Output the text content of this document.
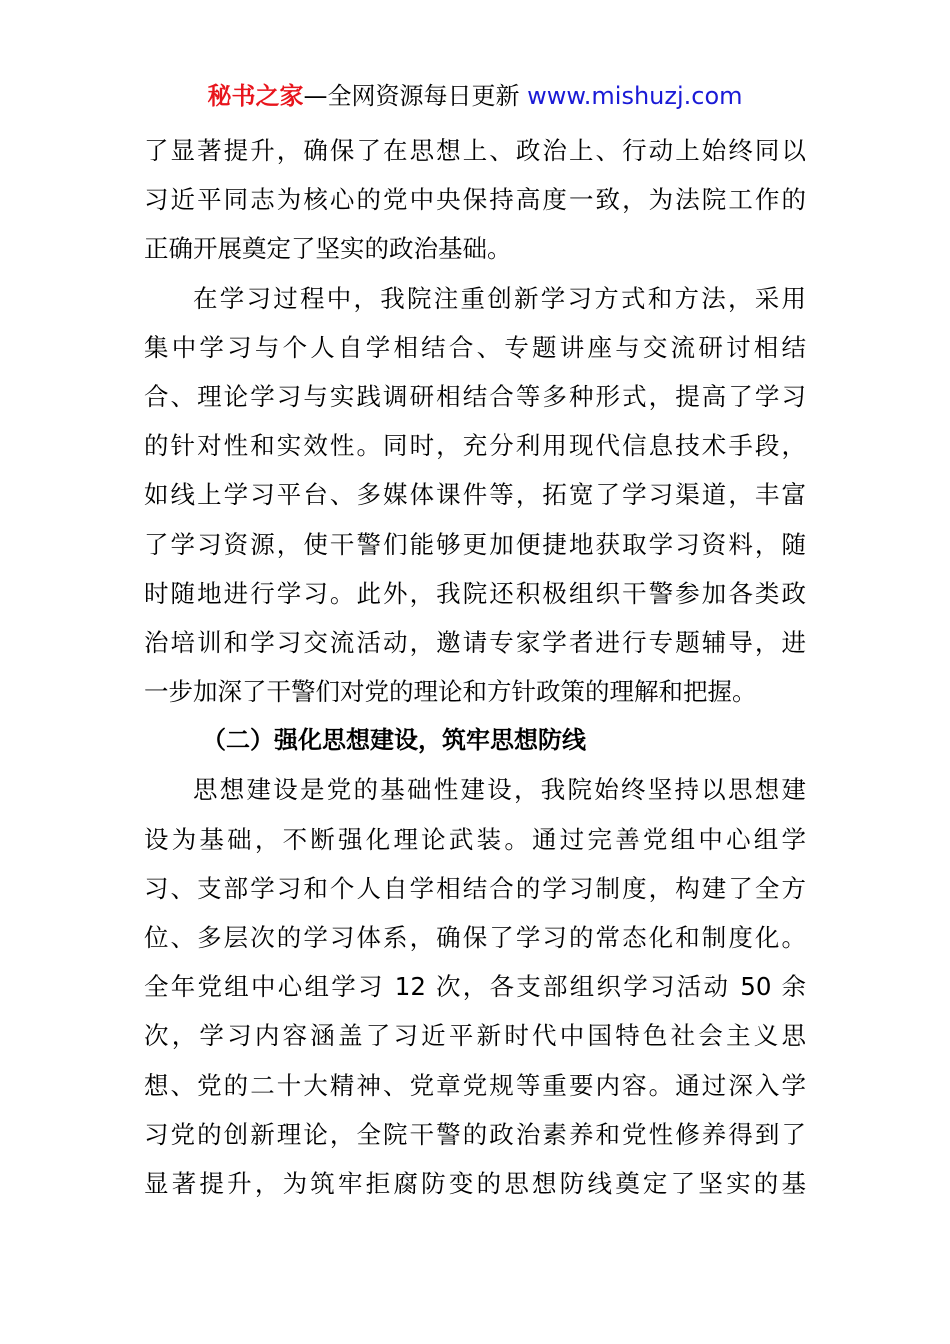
秘书之家—全网资源每日更新 www.mishuzj.com
了显著提升，确保了在思想上、政治上、行动上始终同以
习近平同志为核心的党中央保持高度一致，为法院工作的
正确开展奠定了坚实的政治基础。
在学习过程中，我院注重创新学习方式和方法，采用
集中学习与个人自学相结合、专题讲座与交流研讨相结
合、理论学习与实践调研相结合等多种形式，提高了学习
的针对性和实效性。同时，充分利用现代信息技术手段，
如线上学习平台、多媒体课件等，拓宽了学习渠道，丰富
了学习资源，使干警们能够更加便捷地获取学习资料，随
时随地进行学习。此外，我院还积极组织干警参加各类政
治培训和学习交流活动，邀请专家学者进行专题辅导，进
一步加深了干警们对党的理论和方针政策的理解和把握。
（二）强化思想建设，筑牢思想防线
思想建设是党的基础性建设，我院始终坚持以思想建
设为基础，不断强化理论武装。通过完善党组中心组学
习、支部学习和个人自学相结合的学习制度，构建了全方
位、多层次的学习体系，确保了学习的常态化和制度化。
全年党组中心组学习 12 次，各支部组织学习活动 50 余
次，学习内容涵盖了习近平新时代中国特色社会主义思
想、党的二十大精神、党章党规等重要内容。通过深入学
习党的创新理论，全院干警的政治素养和党性修养得到了
显著提升，为筑牢拒腐防变的思想防线奠定了坚实的基
